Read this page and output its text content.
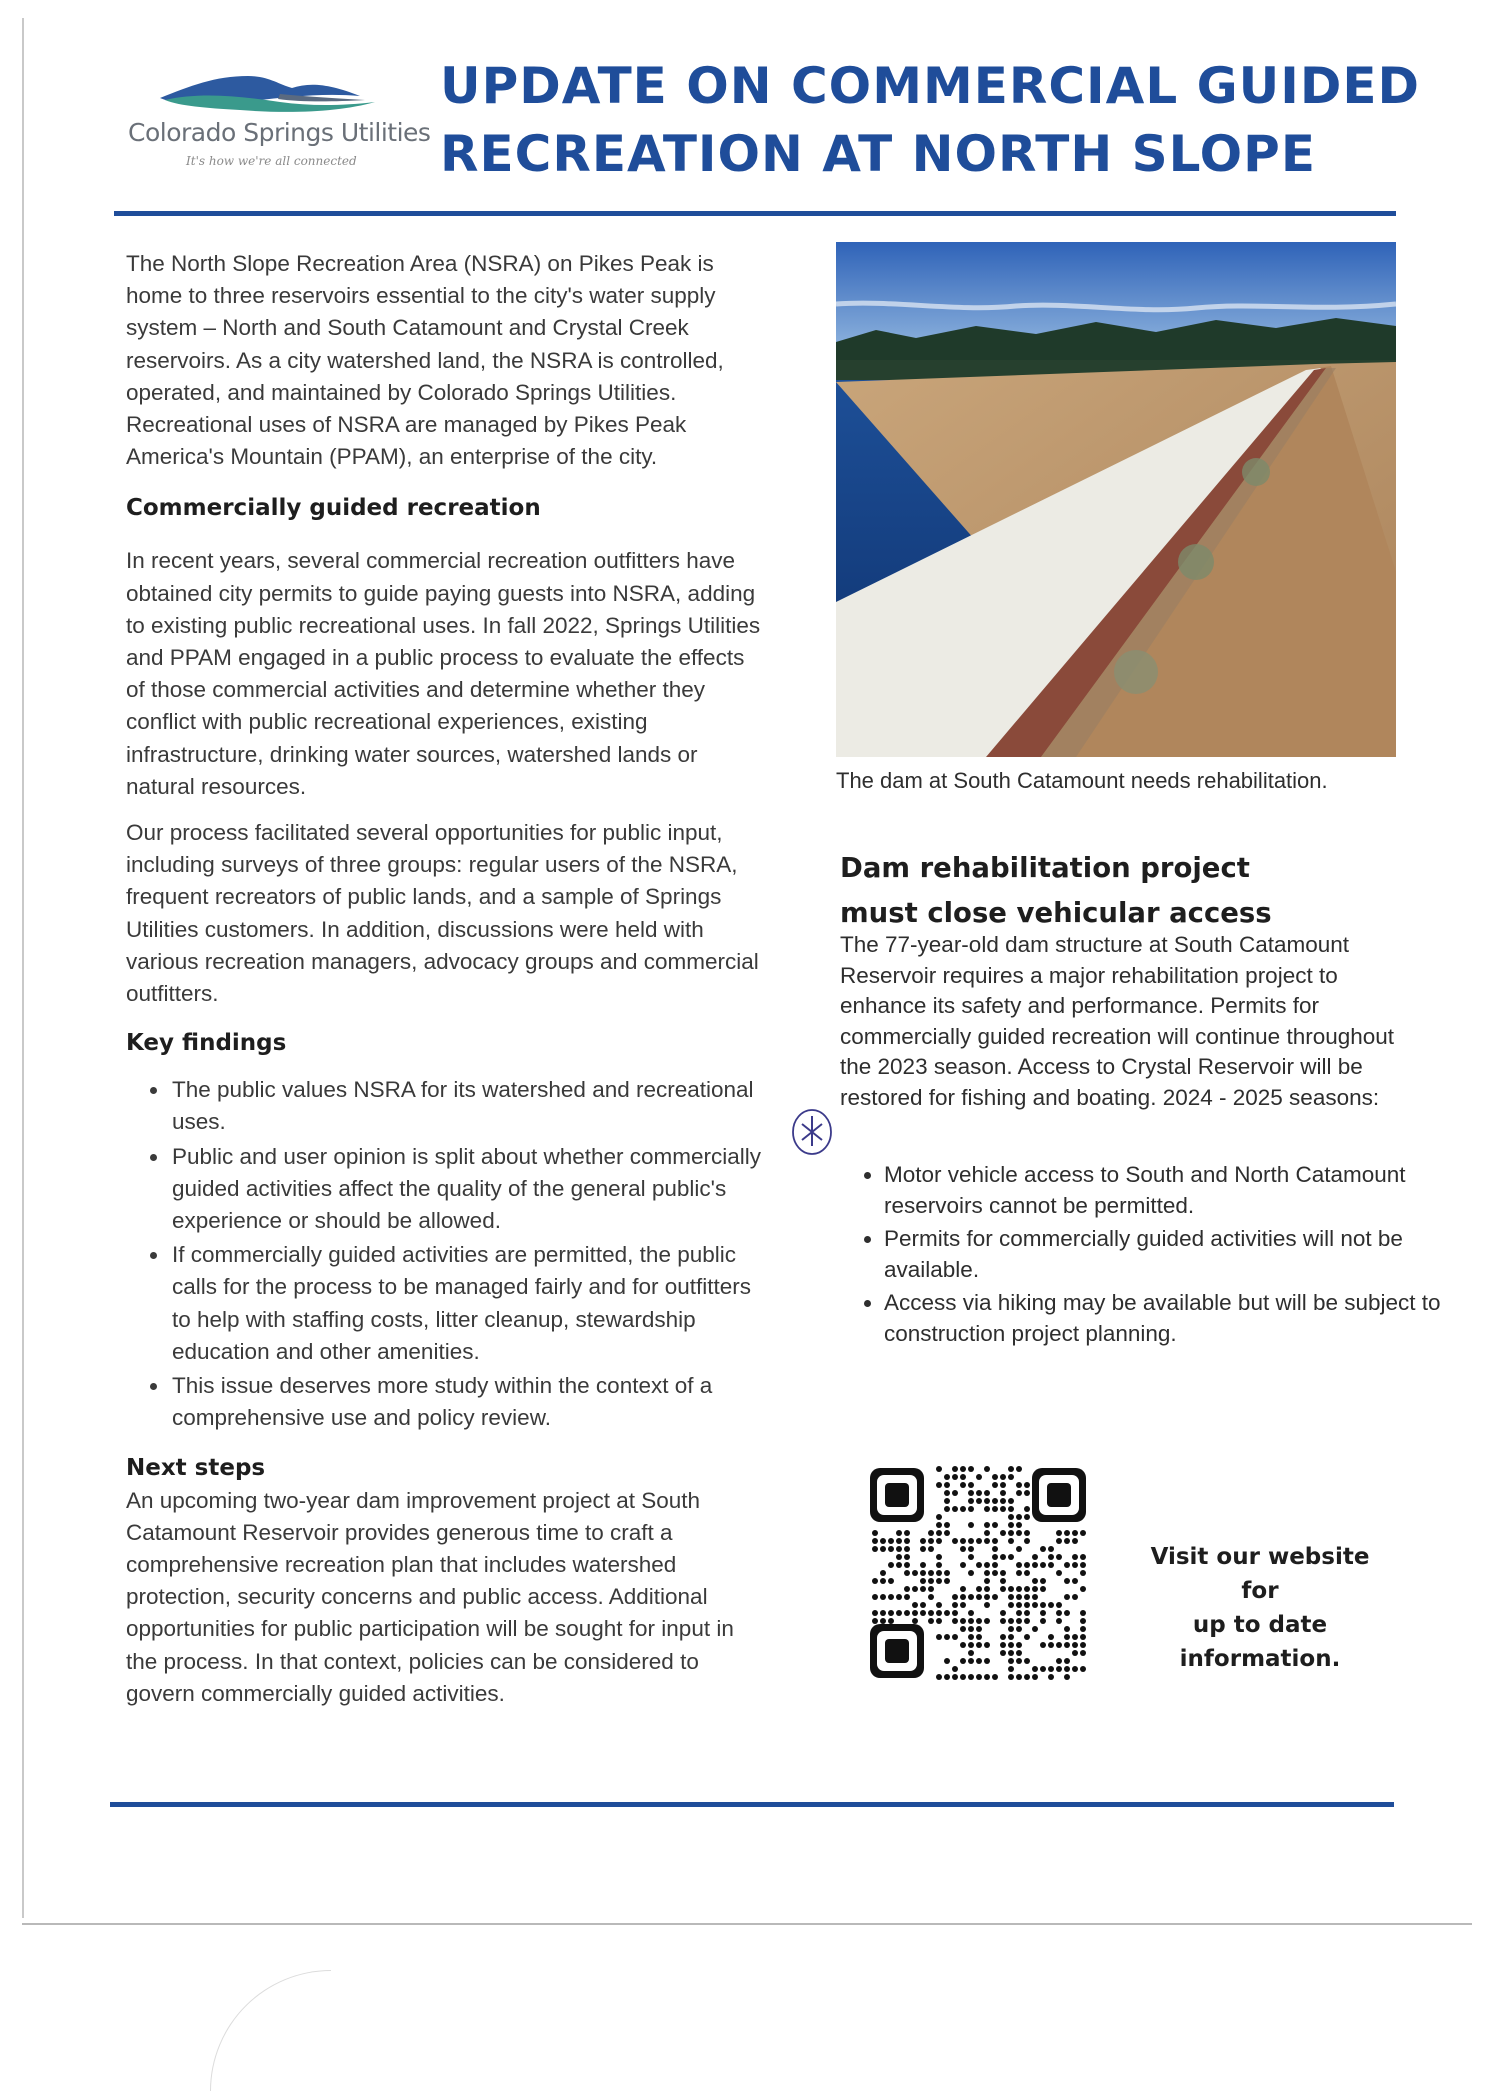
Colorado Springs Utilities
It's how we're all connected
UPDATE ON COMMERCIAL GUIDED RECREATION AT NORTH SLOPE

The North Slope Recreation Area (NSRA) on Pikes Peak is home to three reservoirs essential to the city's water supply system – North and South Catamount and Crystal Creek reservoirs. As a city watershed land, the NSRA is controlled, operated, and maintained by Colorado Springs Utilities. Recreational uses of NSRA are managed by Pikes Peak America's Mountain (PPAM), an enterprise of the city.

Commercially guided recreation

In recent years, several commercial recreation outfitters have obtained city permits to guide paying guests into NSRA, adding to existing public recreational uses. In fall 2022, Springs Utilities and PPAM engaged in a public process to evaluate the effects of those commercial activities and determine whether they conflict with public recreational experiences, existing infrastructure, drinking water sources, watershed lands or natural resources.

Our process facilitated several opportunities for public input, including surveys of three groups: regular users of the NSRA, frequent recreators of public lands, and a sample of Springs Utilities customers. In addition, discussions were held with various recreation managers, advocacy groups and commercial outfitters.

Key findings

• The public values NSRA for its watershed and recreational uses.
• Public and user opinion is split about whether commercially guided activities affect the quality of the general public's experience or should be allowed.
• If commercially guided activities are permitted, the public calls for the process to be managed fairly and for outfitters to help with staffing costs, litter cleanup, stewardship education and other amenities.
• This issue deserves more study within the context of a comprehensive use and policy review.

Next steps

An upcoming two-year dam improvement project at South Catamount Reservoir provides generous time to craft a comprehensive recreation plan that includes watershed protection, security concerns and public access. Additional opportunities for public participation will be sought for input in the process. In that context, policies can be considered to govern commercially guided activities.

The dam at South Catamount needs rehabilitation.
Dam rehabilitation project
must close vehicular access

The 77-year-old dam structure at South Catamount Reservoir requires a major rehabilitation project to enhance its safety and performance. Permits for commercially guided recreation will continue throughout the 2023 season. Access to Crystal Reservoir will be restored for fishing and boating. 2024 - 2025 seasons:

• Motor vehicle access to South and North Catamount reservoirs cannot be permitted.
• Permits for commercially guided activities will not be available.
• Access via hiking may be available but will be subject to construction project planning.
Visit our website
for
up to date
information.
